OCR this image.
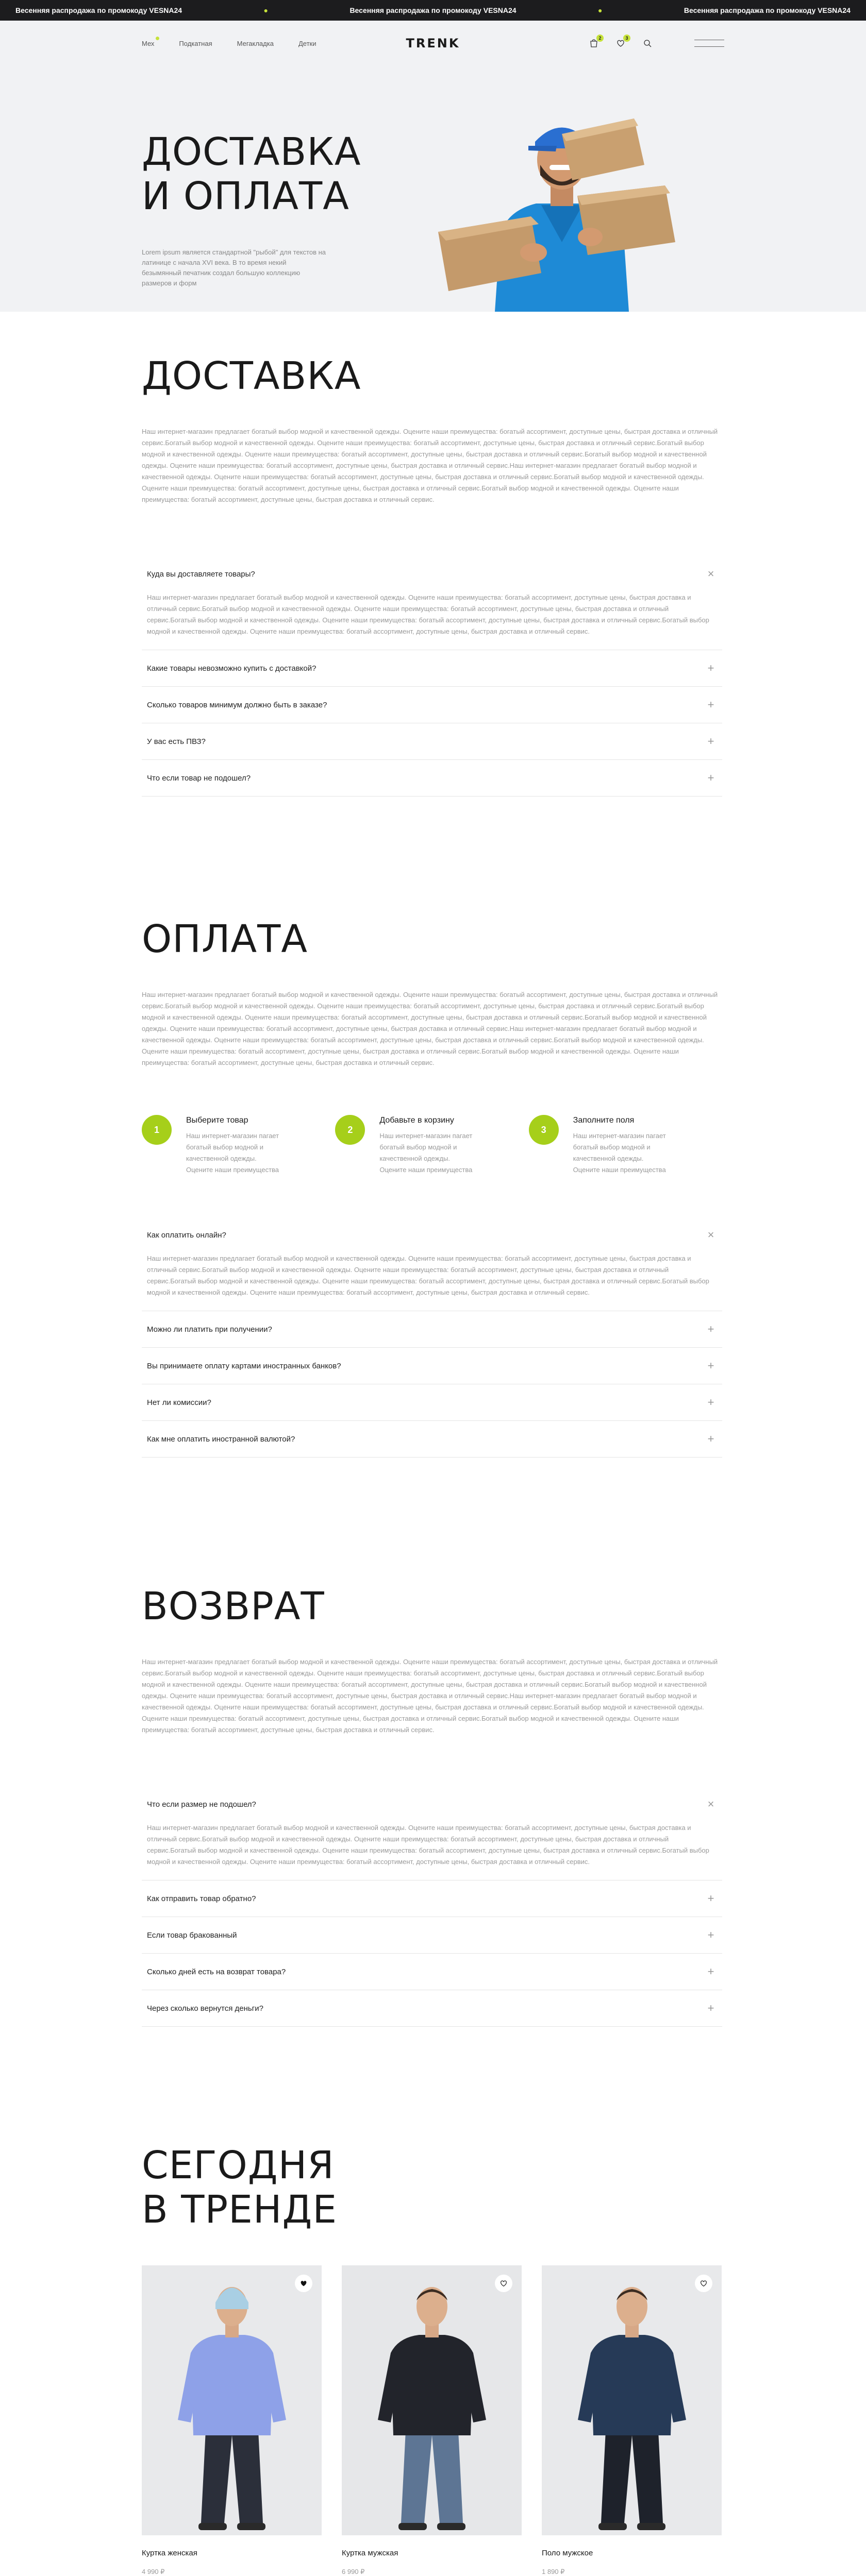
Весенняя распродажа по промокоду VESNA24	●	Весенняя распродажа по промокоду VESNA24	●	Весенняя распродажа по промокоду VESNA24
Мех	Подкатная	Мегакладка	Детки	TRENK	2	3
ДОСТАВКА
И ОПЛАТА

Lorem ipsum является стандартной "рыбой" для текстов на латинице с начала XVI века. В то время некий безымянный печатник создал большую коллекцию размеров и форм

ДОСТАВКА

Наш интернет-магазин предлагает богатый выбор модной и качественной одежды. Оцените наши преимущества: богатый ассортимент, доступные цены, быстрая доставка и отличный сервис.Богатый выбор модной и качественной одежды. Оцените наши преимущества: богатый ассортимент, доступные цены, быстрая доставка и отличный сервис.Богатый выбор модной и качественной одежды. Оцените наши преимущества: богатый ассортимент, доступные цены, быстрая доставка и отличный сервис.Богатый выбор модной и качественной одежды. Оцените наши преимущества: богатый ассортимент, доступные цены, быстрая доставка и отличный сервис.Наш интернет-магазин предлагает богатый выбор модной и качественной одежды. Оцените наши преимущества: богатый ассортимент, доступные цены, быстрая доставка и отличный сервис.Богатый выбор модной и качественной одежды. Оцените наши преимущества: богатый ассортимент, доступные цены, быстрая доставка и отличный сервис.Богатый выбор модной и качественной одежды. Оцените наши преимущества: богатый ассортимент, доступные цены, быстрая доставка и отличный сервис.

Куда вы доставляете товары?	×
Наш интернет-магазин предлагает богатый выбор модной и качественной одежды. Оцените наши преимущества: богатый ассортимент, доступные цены, быстрая доставка и отличный сервис.Богатый выбор модной и качественной одежды. Оцените наши преимущества: богатый ассортимент, доступные цены, быстрая доставка и отличный сервис.Богатый выбор модной и качественной одежды. Оцените наши преимущества: богатый ассортимент, доступные цены, быстрая доставка и отличный сервис.Богатый выбор модной и качественной одежды. Оцените наши преимущества: богатый ассортимент, доступные цены, быстрая доставка и отличный сервис.
Какие товары невозможно купить с доставкой?	+
Сколько товаров минимум должно быть в заказе?	+
У вас есть ПВЗ?	+
Что если товар не подошел?	+
ОПЛАТА

Наш интернет-магазин предлагает богатый выбор модной и качественной одежды. Оцените наши преимущества: богатый ассортимент, доступные цены, быстрая доставка и отличный сервис.Богатый выбор модной и качественной одежды. Оцените наши преимущества: богатый ассортимент, доступные цены, быстрая доставка и отличный сервис.Богатый выбор модной и качественной одежды. Оцените наши преимущества: богатый ассортимент, доступные цены, быстрая доставка и отличный сервис.Богатый выбор модной и качественной одежды. Оцените наши преимущества: богатый ассортимент, доступные цены, быстрая доставка и отличный сервис.Наш интернет-магазин предлагает богатый выбор модной и качественной одежды. Оцените наши преимущества: богатый ассортимент, доступные цены, быстрая доставка и отличный сервис.Богатый выбор модной и качественной одежды. Оцените наши преимущества: богатый ассортимент, доступные цены, быстрая доставка и отличный сервис.Богатый выбор модной и качественной одежды. Оцените наши преимущества: богатый ассортимент, доступные цены, быстрая доставка и отличный сервис.

1
Выберите товар

Наш интернет-магазин пагает богатый выбор модной и качественной одежды. Оцените наши преимущества

2
Добавьте в корзину

Наш интернет-магазин пагает богатый выбор модной и качественной одежды. Оцените наши преимущества

3
Заполните поля

Наш интернет-магазин пагает богатый выбор модной и качественной одежды. Оцените наши преимущества

Как оплатить онлайн?	×
Наш интернет-магазин предлагает богатый выбор модной и качественной одежды. Оцените наши преимущества: богатый ассортимент, доступные цены, быстрая доставка и отличный сервис.Богатый выбор модной и качественной одежды. Оцените наши преимущества: богатый ассортимент, доступные цены, быстрая доставка и отличный сервис.Богатый выбор модной и качественной одежды. Оцените наши преимущества: богатый ассортимент, доступные цены, быстрая доставка и отличный сервис.Богатый выбор модной и качественной одежды. Оцените наши преимущества: богатый ассортимент, доступные цены, быстрая доставка и отличный сервис.
Можно ли платить при получении?	+
Вы принимаете оплату картами иностранных банков?	+
Нет ли комиссии?	+
Как мне оплатить иностранной валютой?	+
ВОЗВРАТ

Наш интернет-магазин предлагает богатый выбор модной и качественной одежды. Оцените наши преимущества: богатый ассортимент, доступные цены, быстрая доставка и отличный сервис.Богатый выбор модной и качественной одежды. Оцените наши преимущества: богатый ассортимент, доступные цены, быстрая доставка и отличный сервис.Богатый выбор модной и качественной одежды. Оцените наши преимущества: богатый ассортимент, доступные цены, быстрая доставка и отличный сервис.Богатый выбор модной и качественной одежды. Оцените наши преимущества: богатый ассортимент, доступные цены, быстрая доставка и отличный сервис.Наш интернет-магазин предлагает богатый выбор модной и качественной одежды. Оцените наши преимущества: богатый ассортимент, доступные цены, быстрая доставка и отличный сервис.Богатый выбор модной и качественной одежды. Оцените наши преимущества: богатый ассортимент, доступные цены, быстрая доставка и отличный сервис.Богатый выбор модной и качественной одежды. Оцените наши преимущества: богатый ассортимент, доступные цены, быстрая доставка и отличный сервис.

Что если размер не подошел?	×
Наш интернет-магазин предлагает богатый выбор модной и качественной одежды. Оцените наши преимущества: богатый ассортимент, доступные цены, быстрая доставка и отличный сервис.Богатый выбор модной и качественной одежды. Оцените наши преимущества: богатый ассортимент, доступные цены, быстрая доставка и отличный сервис.Богатый выбор модной и качественной одежды. Оцените наши преимущества: богатый ассортимент, доступные цены, быстрая доставка и отличный сервис.Богатый выбор модной и качественной одежды. Оцените наши преимущества: богатый ассортимент, доступные цены, быстрая доставка и отличный сервис.
Как отправить товар обратно?	+
Если товар бракованный	+
Сколько дней есть на возврат товара?	+
Через сколько вернутся деньги?	+
СЕГОДНЯ
В ТРЕНДЕ
Куртка женская
4 990 ₽
Куртка мужская
6 990 ₽
Поло мужское
1 890 ₽
